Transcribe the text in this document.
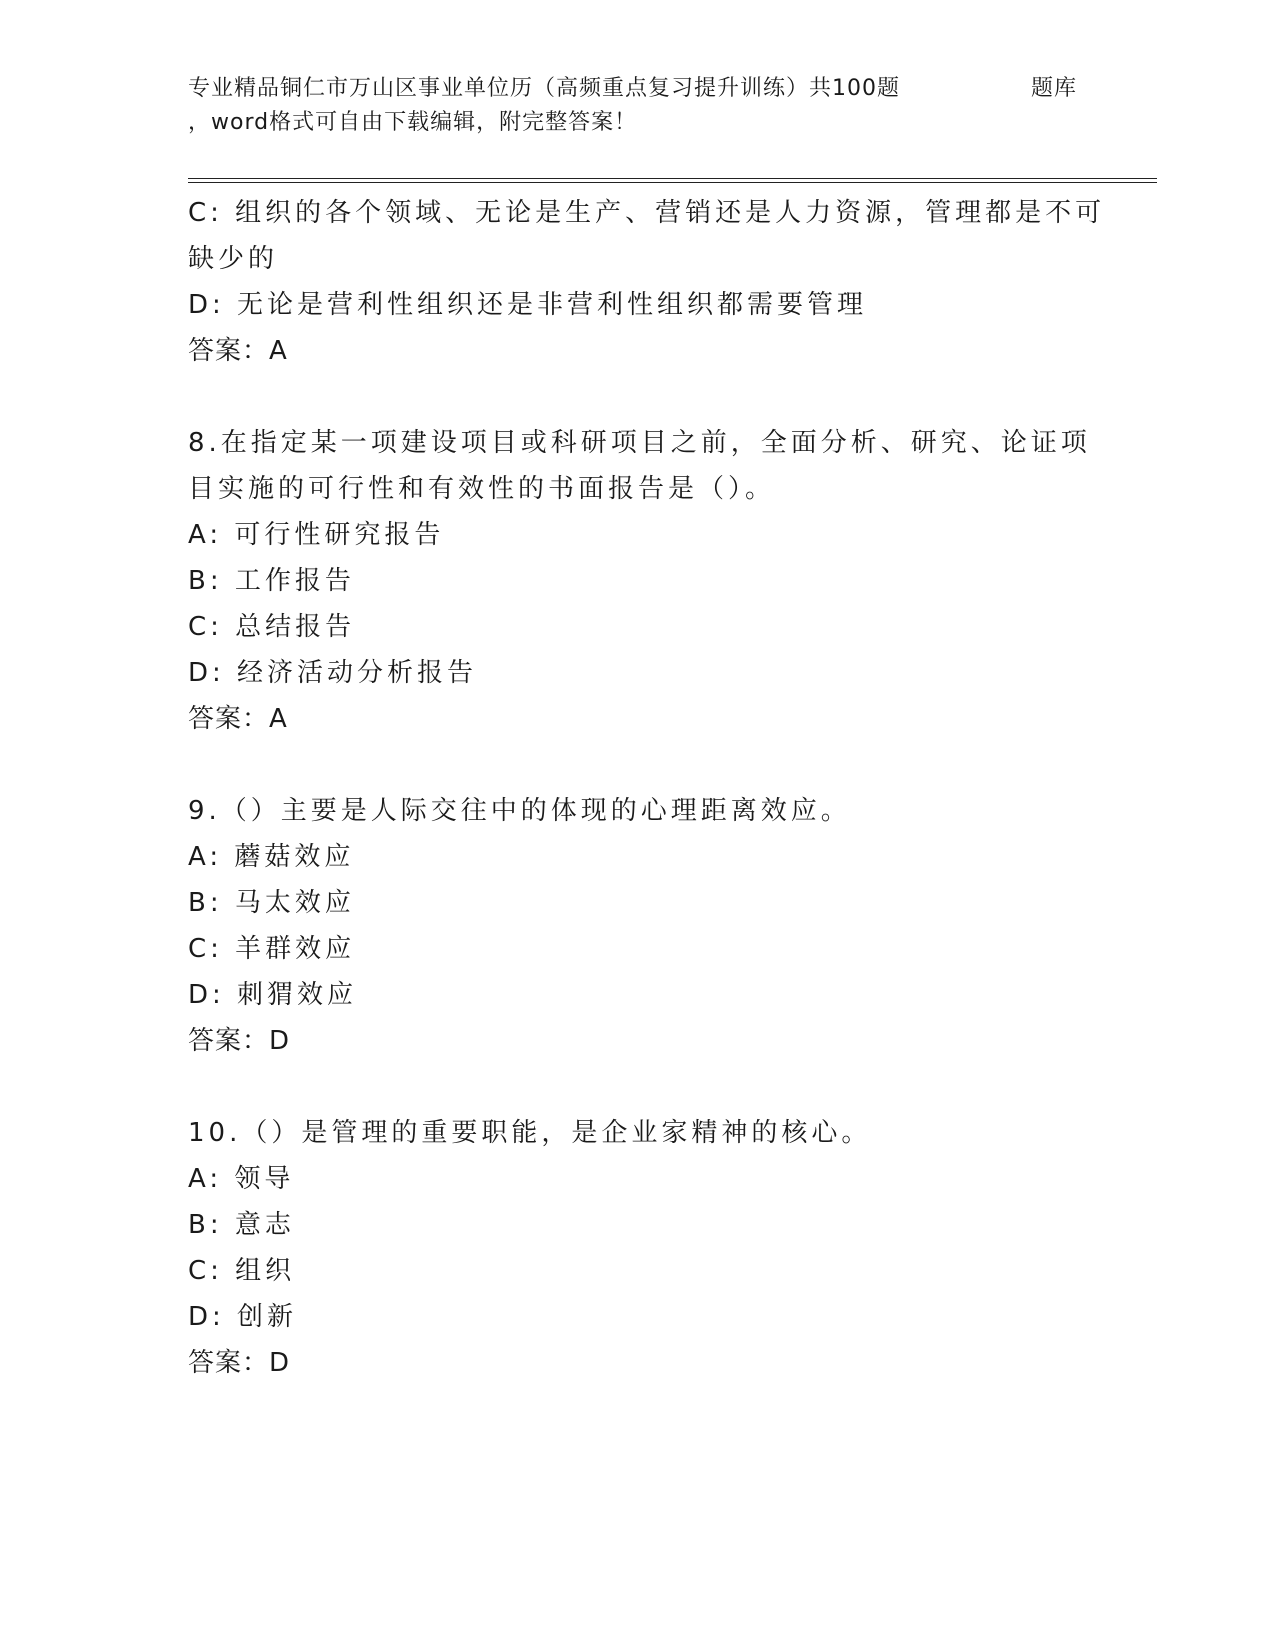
专业精品铜仁市万山区事业单位历（高频重点复习提升训练）共100题	题库
，word格式可自由下载编辑，附完整答案！
C: 组织的各个领域、无论是生产、营销还是人力资源，管理都是不可
缺少的
D: 无论是营利性组织还是非营利性组织都需要管理
答案：A
8.在指定某一项建设项目或科研项目之前，全面分析、研究、论证项
目实施的可行性和有效性的书面报告是（）。
A: 可行性研究报告
B: 工作报告
C: 总结报告
D: 经济活动分析报告
答案：A
9.（）主要是人际交往中的体现的心理距离效应。
A: 蘑菇效应
B: 马太效应
C: 羊群效应
D: 刺猬效应
答案：D
10.（）是管理的重要职能，是企业家精神的核心。
A: 领导
B: 意志
C: 组织
D: 创新
答案：D
